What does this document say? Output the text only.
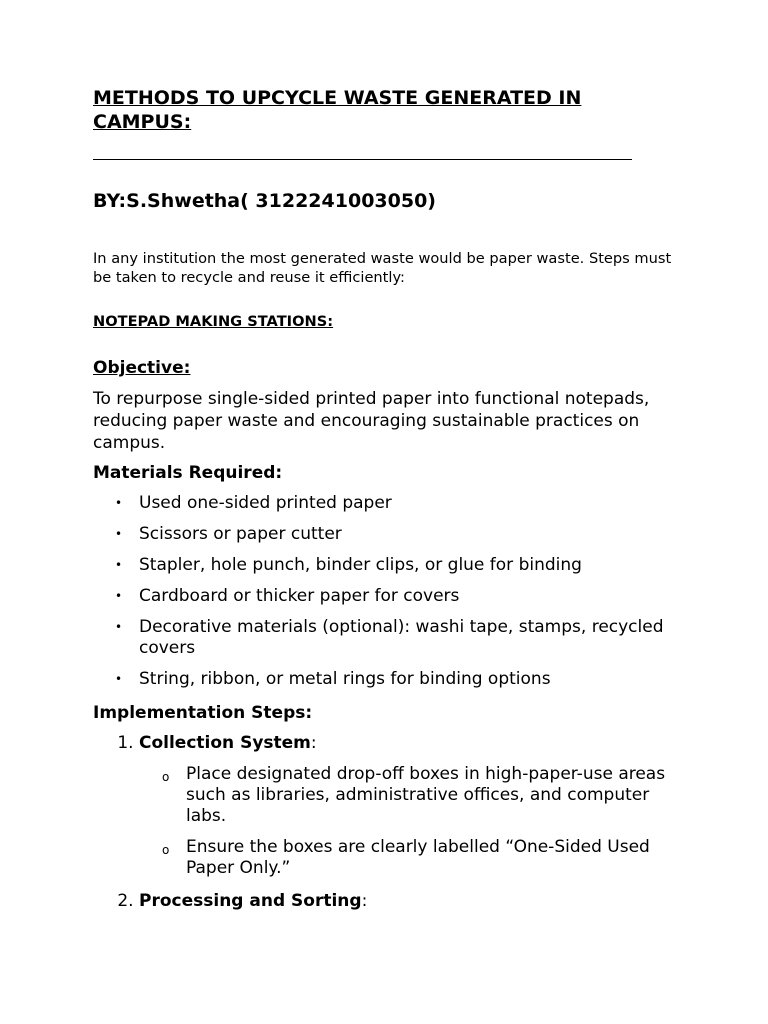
METHODS TO UPCYCLE WASTE GENERATED IN CAMPUS:
BY:S.Shwetha( 3122241003050)

In any institution the most generated waste would be paper waste. Steps must be taken to recycle and reuse it efficiently:

NOTEPAD MAKING STATIONS:
Objective:

To repurpose single-sided printed paper into functional notepads, reducing paper waste and encouraging sustainable practices on campus.

Materials Required:
• Used one-sided printed paper
• Scissors or paper cutter
• Stapler, hole punch, binder clips, or glue for binding
• Cardboard or thicker paper for covers
• Decorative materials (optional): washi tape, stamps, recycled covers
• String, ribbon, or metal rings for binding options
Implementation Steps:

1. Collection System:

o Place designated drop-off boxes in high-paper-use areas such as libraries, administrative offices, and computer labs.
o Ensure the boxes are clearly labelled “One-Sided Used Paper Only.”

2. Processing and Sorting:
